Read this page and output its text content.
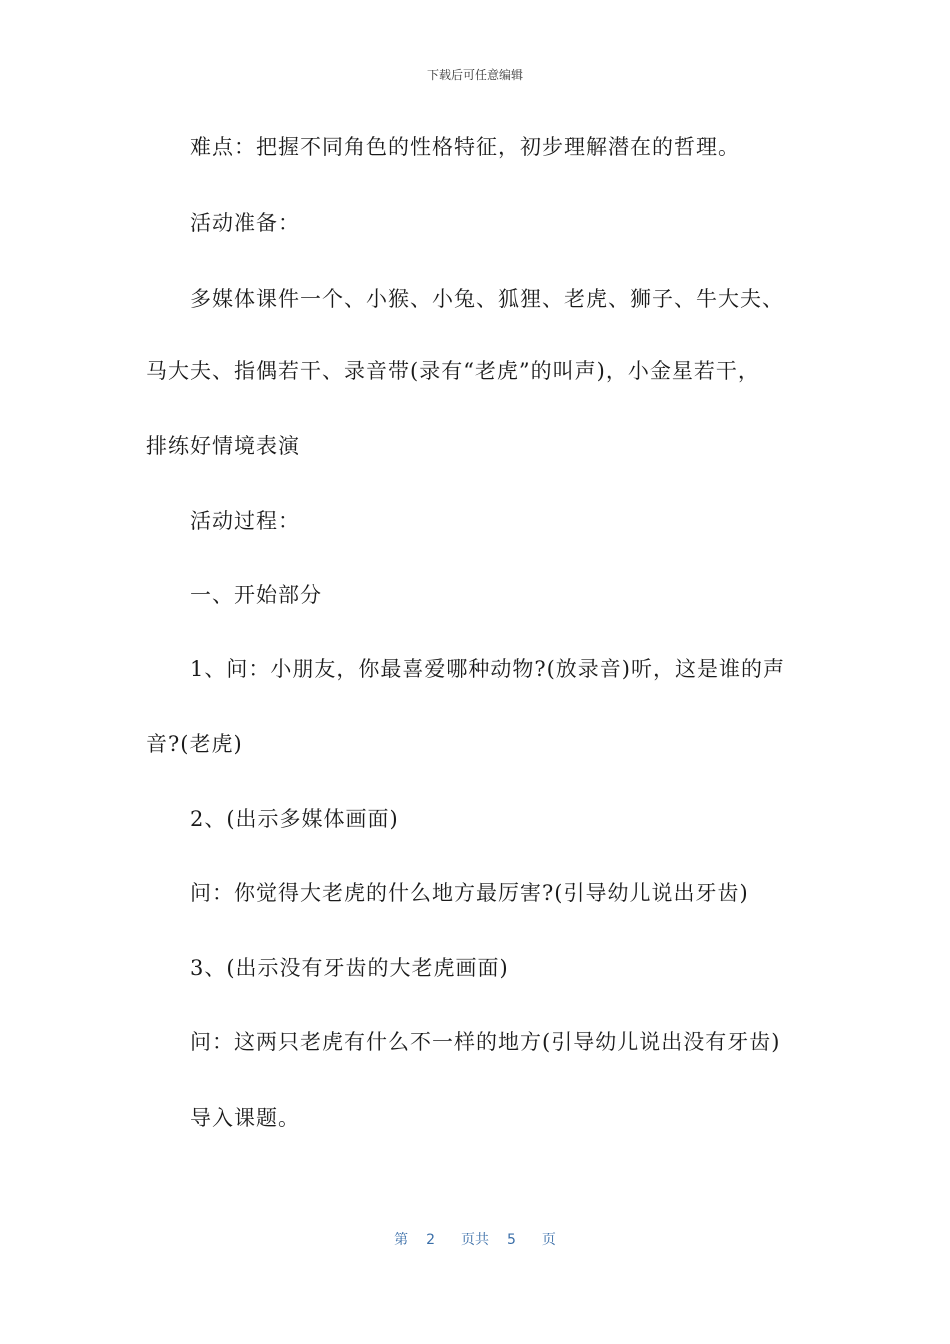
下载后可任意编辑
难点：把握不同角色的性格特征，初步理解潜在的哲理。
活动准备：
多媒体课件一个、小猴、小兔、狐狸、老虎、狮子、牛大夫、
马大夫、指偶若干、录音带(录有“老虎”的叫声)，小金星若干，
排练好情境表演
活动过程：
一、开始部分
1、问：小朋友，你最喜爱哪种动物?(放录音)听，这是谁的声
音?(老虎)
2、(出示多媒体画面)
问：你觉得大老虎的什么地方最厉害?(引导幼儿说出牙齿)
3、(出示没有牙齿的大老虎画面)
问：这两只老虎有什么不一样的地方(引导幼儿说出没有牙齿)
导入课题。
第 2 页共 5 页
